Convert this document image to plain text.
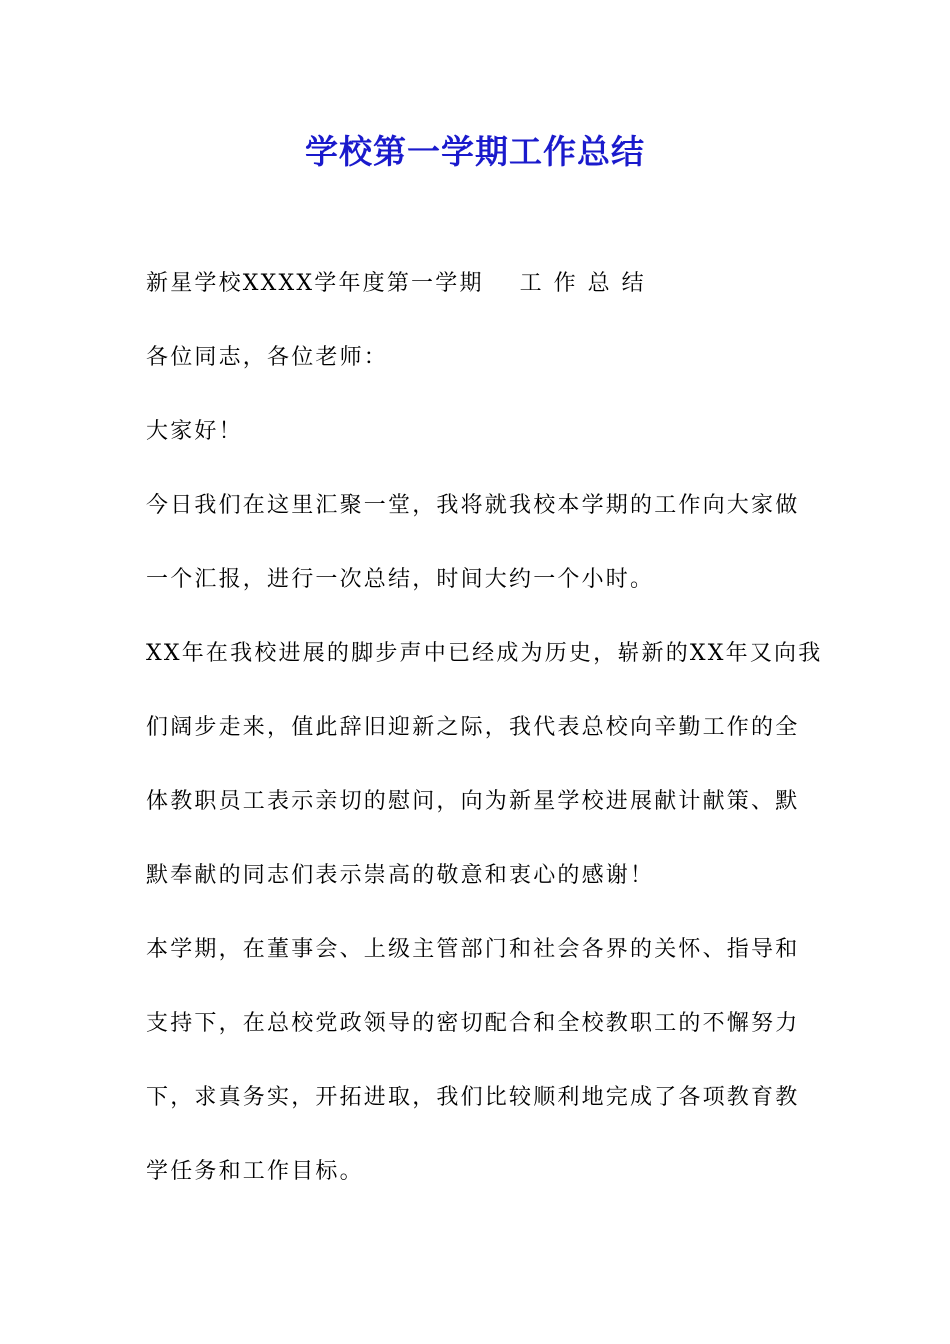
学校第一学期工作总结
新星学校XXXX学年度第一学期 工作总结
各位同志，各位老师：
大家好！
今日我们在这里汇聚一堂，我将就我校本学期的工作向大家做
一个汇报，进行一次总结，时间大约一个小时。
XX年在我校进展的脚步声中已经成为历史，崭新的XX年又向我
们阔步走来，值此辞旧迎新之际，我代表总校向辛勤工作的全
体教职员工表示亲切的慰问，向为新星学校进展献计献策、默
默奉献的同志们表示崇高的敬意和衷心的感谢！
本学期，在董事会、上级主管部门和社会各界的关怀、指导和
支持下，在总校党政领导的密切配合和全校教职工的不懈努力
下，求真务实，开拓进取，我们比较顺利地完成了各项教育教
学任务和工作目标。
